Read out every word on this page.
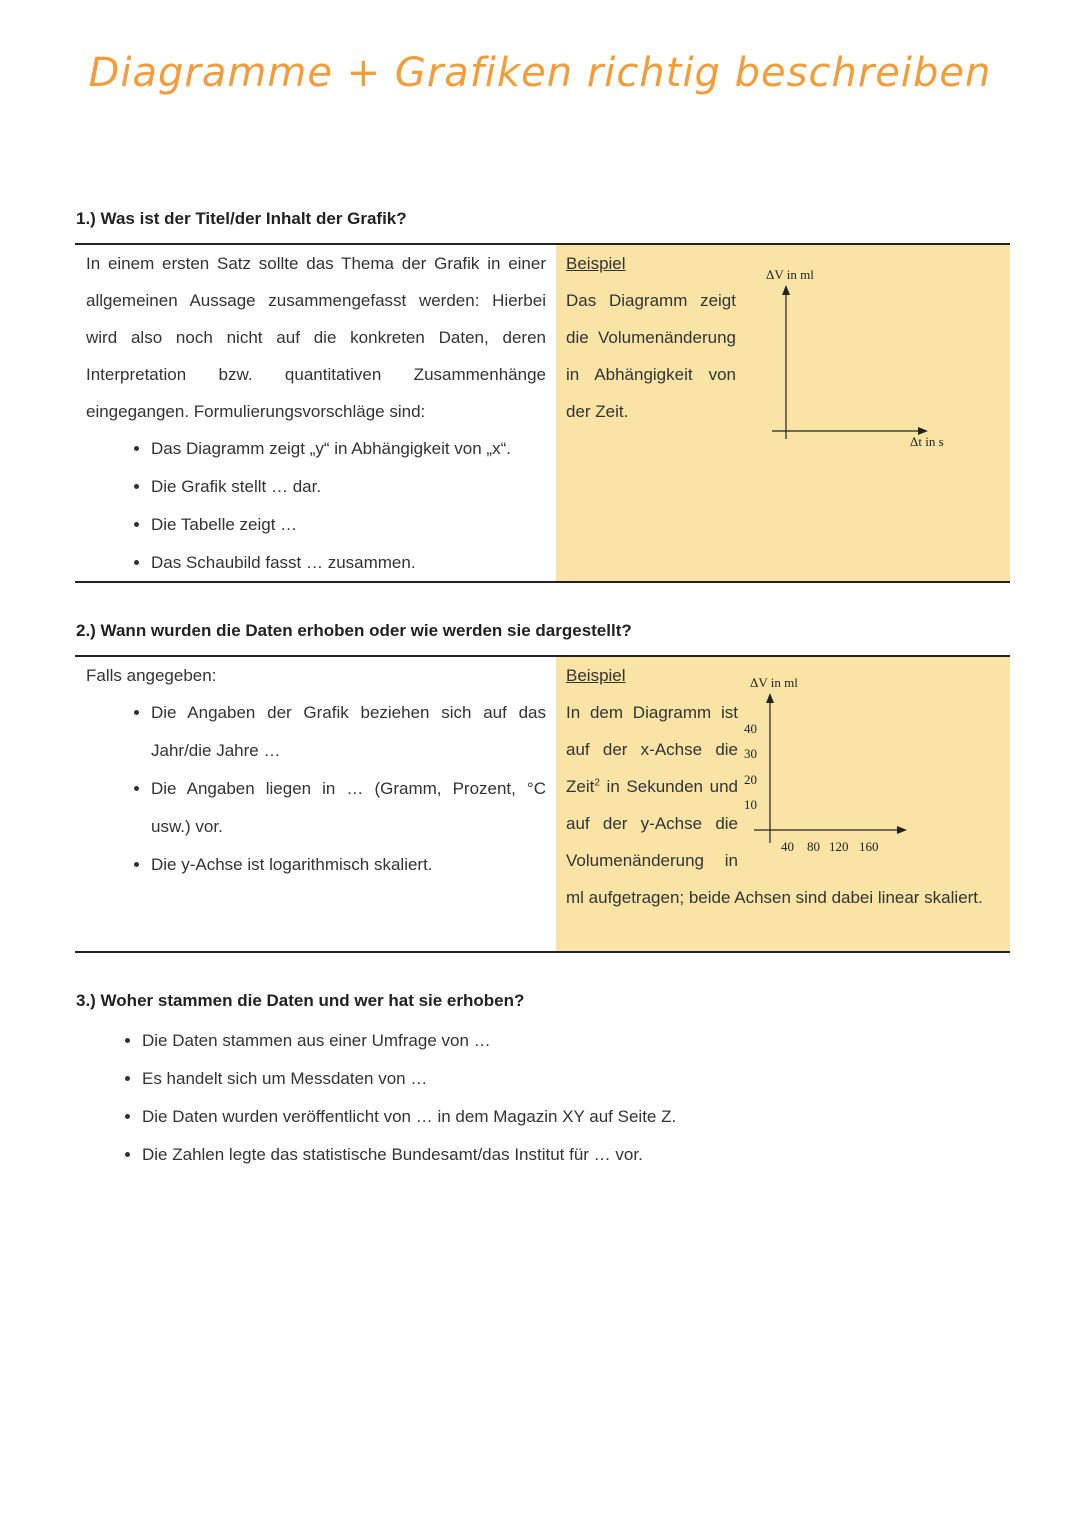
Diagramme + Grafiken richtig beschreiben
1.) Was ist der Titel/der Inhalt der Grafik?
In einem ersten Satz sollte das Thema der Grafik in einer allgemeinen Aussage zusammengefasst werden: Hierbei wird also noch nicht auf die konkreten Daten, deren Interpretation bzw. quantitativen Zusammenhänge eingegangen. Formulierungsvorschläge sind:
• Das Diagramm zeigt „y“ in Abhängigkeit von „x“.
• Die Grafik stellt … dar.
• Die Tabelle zeigt …
• Das Schaubild fasst … zusammen.
Beispiel
Das Diagramm zeigt die Volumenänderung in Abhängigkeit von der Zeit.
ΔV in ml
Δt in s
2.) Wann wurden die Daten erhoben oder wie werden sie dargestellt?
Falls angegeben:
• Die Angaben der Grafik beziehen sich auf das Jahr/die Jahre …
• Die Angaben liegen in … (Gramm, Prozent, °C usw.) vor.
• Die y-Achse ist logarithmisch skaliert.
ΔV in ml
40
30
20
10
40 80 120 160
Beispiel
In dem Diagramm ist auf der x-Achse die Zeit$^2$ in Sekunden und auf der y-Achse die Volumenänderung in ml aufgetragen; beide Achsen sind dabei linear skaliert.
3.) Woher stammen die Daten und wer hat sie erhoben?
• Die Daten stammen aus einer Umfrage von …
• Es handelt sich um Messdaten von …
• Die Daten wurden veröffentlicht von … in dem Magazin XY auf Seite Z.
• Die Zahlen legte das statistische Bundesamt/das Institut für … vor.
